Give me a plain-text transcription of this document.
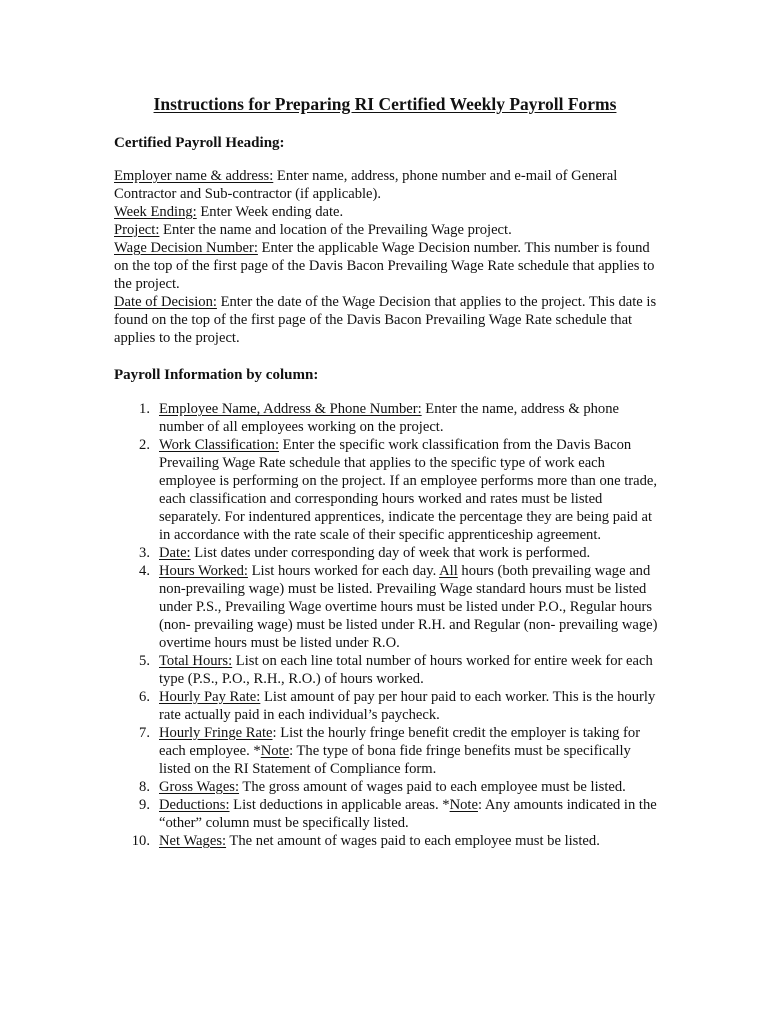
Instructions for Preparing RI Certified Weekly Payroll Forms
Certified Payroll Heading:

Employer name & address: Enter name, address, phone number and e-mail of General Contractor and Sub-contractor (if applicable).

Week Ending: Enter Week ending date.

Project: Enter the name and location of the Prevailing Wage project.

Wage Decision Number: Enter the applicable Wage Decision number. This number is found on the top of the first page of the Davis Bacon Prevailing Wage Rate schedule that applies to the project.

Date of Decision: Enter the date of the Wage Decision that applies to the project. This date is found on the top of the first page of the Davis Bacon Prevailing Wage Rate schedule that applies to the project.

Payroll Information by column:
1. Employee Name, Address & Phone Number: Enter the name, address & phone number of all employees working on the project.
2. Work Classification: Enter the specific work classification from the Davis Bacon Prevailing Wage Rate schedule that applies to the specific type of work each employee is performing on the project. If an employee performs more than one trade, each classification and corresponding hours worked and rates must be listed separately. For indentured apprentices, indicate the percentage they are being paid at in accordance with the rate scale of their specific apprenticeship agreement.
3. Date: List dates under corresponding day of week that work is performed.
4. Hours Worked: List hours worked for each day. All hours (both prevailing wage and non-prevailing wage) must be listed. Prevailing Wage standard hours must be listed under P.S., Prevailing Wage overtime hours must be listed under P.O., Regular hours (non- prevailing wage) must be listed under R.H. and Regular (non- prevailing wage) overtime hours must be listed under R.O.
5. Total Hours: List on each line total number of hours worked for entire week for each type (P.S., P.O., R.H., R.O.) of hours worked.
6. Hourly Pay Rate: List amount of pay per hour paid to each worker. This is the hourly rate actually paid in each individual’s paycheck.
7. Hourly Fringe Rate: List the hourly fringe benefit credit the employer is taking for each employee. *Note: The type of bona fide fringe benefits must be specifically listed on the RI Statement of Compliance form.
8. Gross Wages: The gross amount of wages paid to each employee must be listed.
9. Deductions: List deductions in applicable areas. *Note: Any amounts indicated in the “other” column must be specifically listed.
10. Net Wages: The net amount of wages paid to each employee must be listed.
